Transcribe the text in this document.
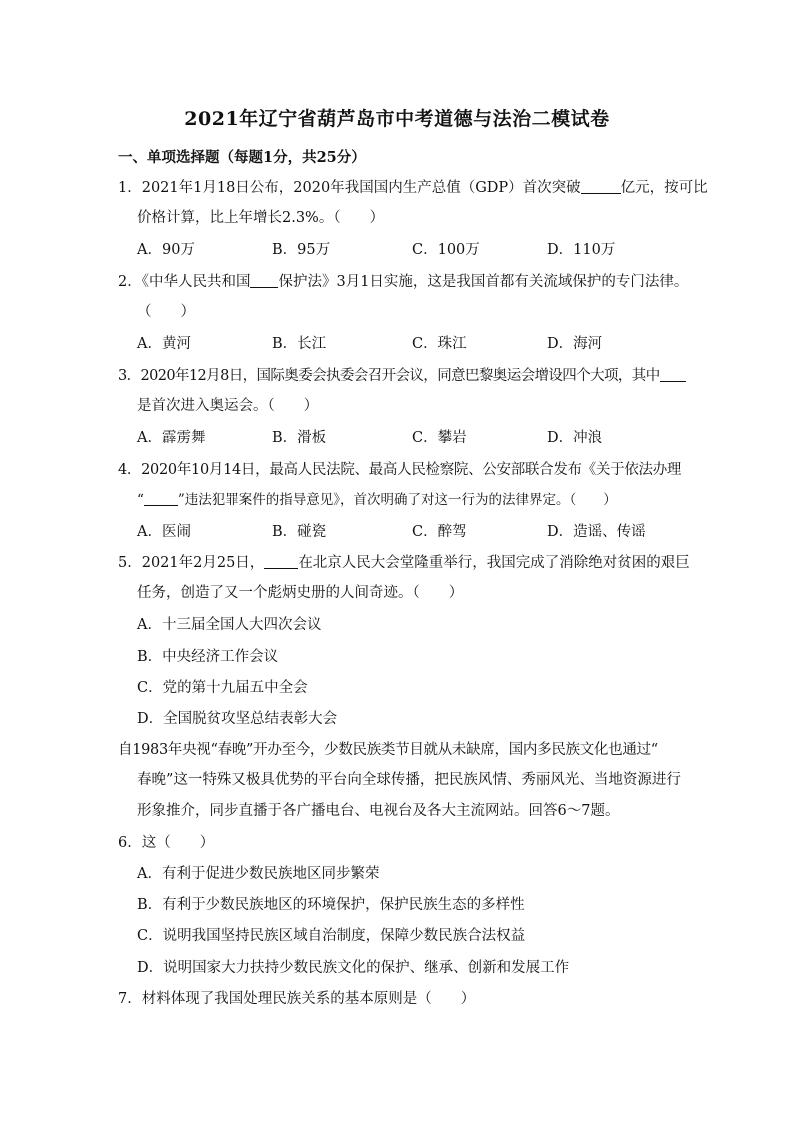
2021年辽宁省葫芦岛市中考道德与法治二模试卷
一、单项选择题（每题1分，共25分）
1．2021年1月18日公布，2020年我国国内生产总值（GDP）首次突破	亿元，按可比
价格计算，比上年增长2.3%。（　　）
A．90万	B．95万	C．100万	D．110万
2．《中华人民共和国 保护法》3月1日实施，这是我国首都有关流域保护的专门法律。
（　　）
A．黄河	B．长江	C．珠江	D．海河
3．2020年12月8日，国际奥委会执委会召开会议，同意巴黎奥运会增设四个大项，其中
是首次进入奥运会。（　　）
A．霹雳舞	B．滑板	C．攀岩	D．冲浪
4．2020年10月14日，最高人民法院、最高人民检察院、公安部联合发布《关于依法办理
“	”违法犯罪案件的指导意见》，首次明确了对这一行为的法律界定。（　　）
A．医闹	B．碰瓷	C．醉驾	D．造谣、传谣
5．2021年2月25日， 在北京人民大会堂隆重举行，我国完成了消除绝对贫困的艰巨
任务，创造了又一个彪炳史册的人间奇迹。（　　）
A．十三届全国人大四次会议
B．中央经济工作会议
C．党的第十九届五中全会
D．全国脱贫攻坚总结表彰大会
自1983年央视“春晚”开办至今，少数民族类节目就从未缺席，国内多民族文化也通过“
春晚”这一特殊又极具优势的平台向全球传播，把民族风情、秀丽风光、当地资源进行
形象推介，同步直播于各广播电台、电视台及各大主流网站。回答6～7题。
6．这（　　）
A．有利于促进少数民族地区同步繁荣
B．有利于少数民族地区的环境保护，保护民族生态的多样性
C．说明我国坚持民族区域自治制度，保障少数民族合法权益
D．说明国家大力扶持少数民族文化的保护、继承、创新和发展工作
7．材料体现了我国处理民族关系的基本原则是（　　）
